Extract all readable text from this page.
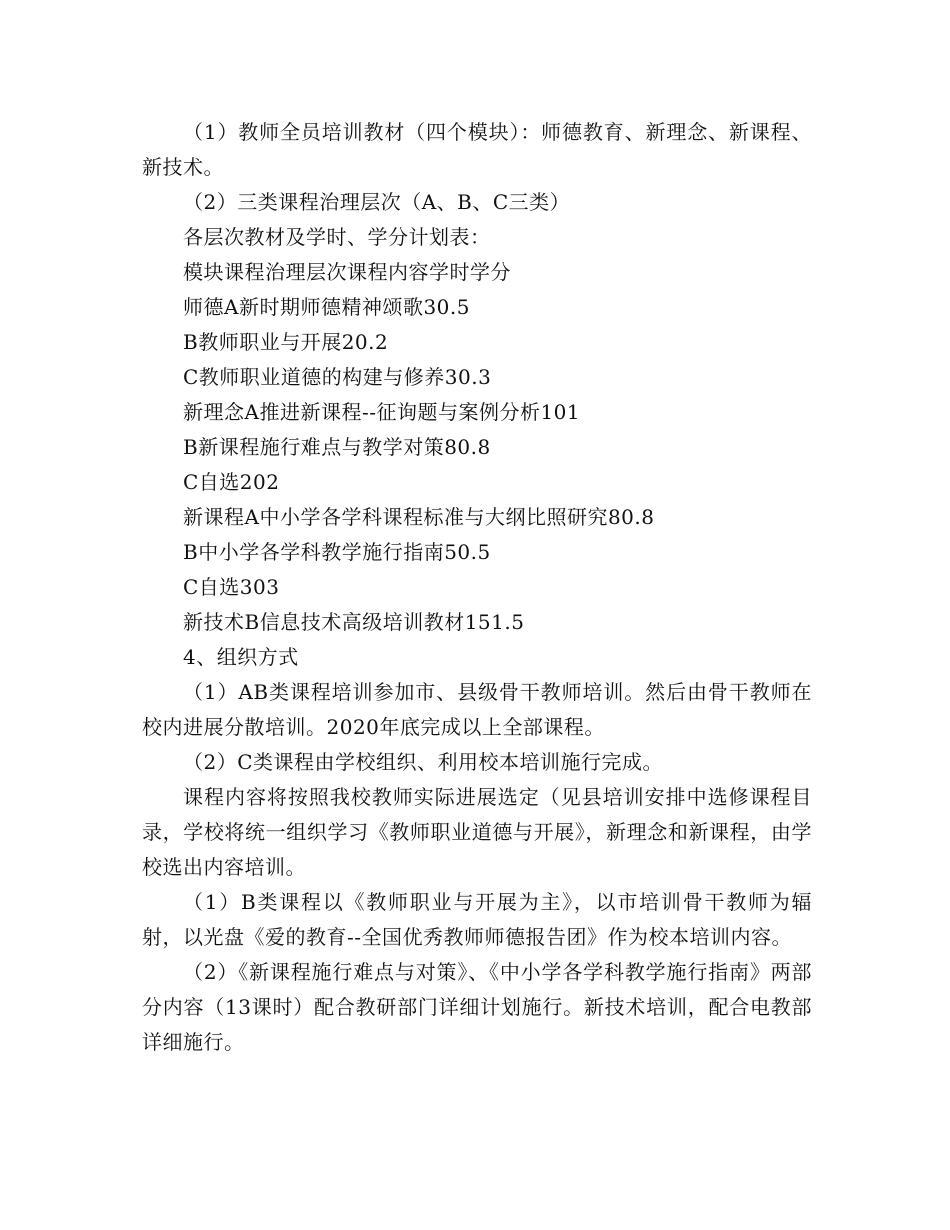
（1）教师全员培训教材（四个模块）：师德教育、新理念、新课程、新技术。

（2）三类课程治理层次（A、B、C三类）

各层次教材及学时、学分计划表：

模块课程治理层次课程内容学时学分

师德A新时期师德精神颂歌30.5

B教师职业与开展20.2

C教师职业道德的构建与修养30.3

新理念A推进新课程--征询题与案例分析101

B新课程施行难点与教学对策80.8

C自选202

新课程A中小学各学科课程标准与大纲比照研究80.8

B中小学各学科教学施行指南50.5

C自选303

新技术B信息技术高级培训教材151.5

4、组织方式

（1）AB类课程培训参加市、县级骨干教师培训。然后由骨干教师在校内进展分散培训。2020年底完成以上全部课程。

（2）C类课程由学校组织、利用校本培训施行完成。

课程内容将按照我校教师实际进展选定（见县培训安排中选修课程目录，学校将统一组织学习《教师职业道德与开展》，新理念和新课程，由学校选出内容培训。

（1）B类课程以《教师职业与开展为主》，以市培训骨干教师为辐射，以光盘《爱的教育--全国优秀教师师德报告团》作为校本培训内容。

（2）《新课程施行难点与对策》、《中小学各学科教学施行指南》两部分内容（13课时）配合教研部门详细计划施行。新技术培训，配合电教部详细施行。
